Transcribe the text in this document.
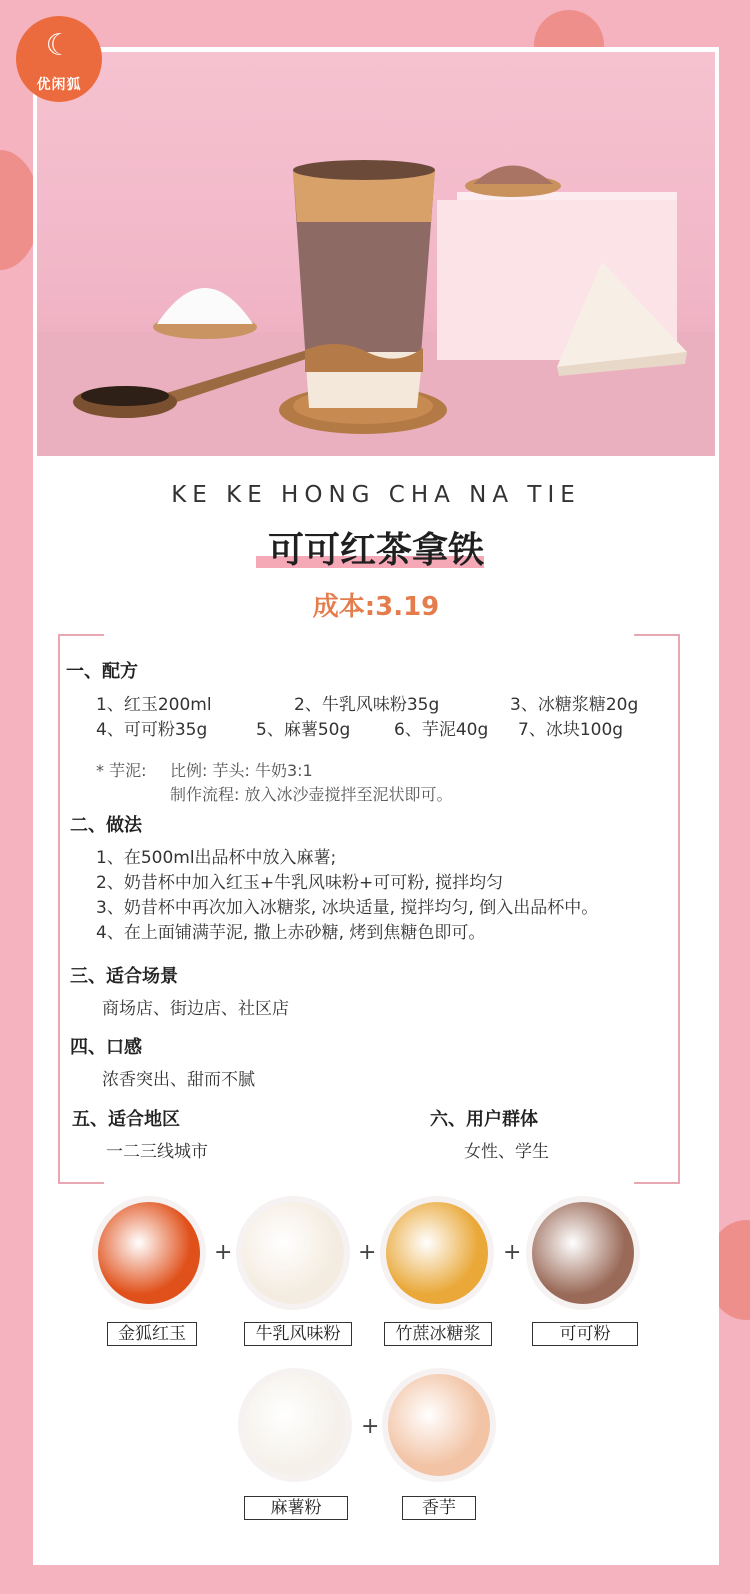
☾
优闲狐
KE KE HONG CHA NA TIE
可可红茶拿铁
成本:3.19
一、配方
1、红玉200ml	2、牛乳风味粉35g	3、冰糖浆糖20g
4、可可粉35g	5、麻薯50g	6、芋泥40g 7、冰块100g
* 芋泥: 比例: 芋头: 牛奶3:1
制作流程: 放入冰沙壶搅拌至泥状即可。
二、做法
1、在500ml出品杯中放入麻薯;
2、奶昔杯中加入红玉+牛乳风味粉+可可粉, 搅拌均匀
3、奶昔杯中再次加入冰糖浆, 冰块适量, 搅拌均匀, 倒入出品杯中。
4、在上面铺满芋泥, 撒上赤砂糖, 烤到焦糖色即可。
三、适合场景
商场店、街边店、社区店
四、口感
浓香突出、甜而不腻
五、适合地区
一二三线城市
六、用户群体
女性、学生
+	+	+
金狐红玉	牛乳风味粉	竹蔗冰糖浆	可可粉
+
麻薯粉	香芋
